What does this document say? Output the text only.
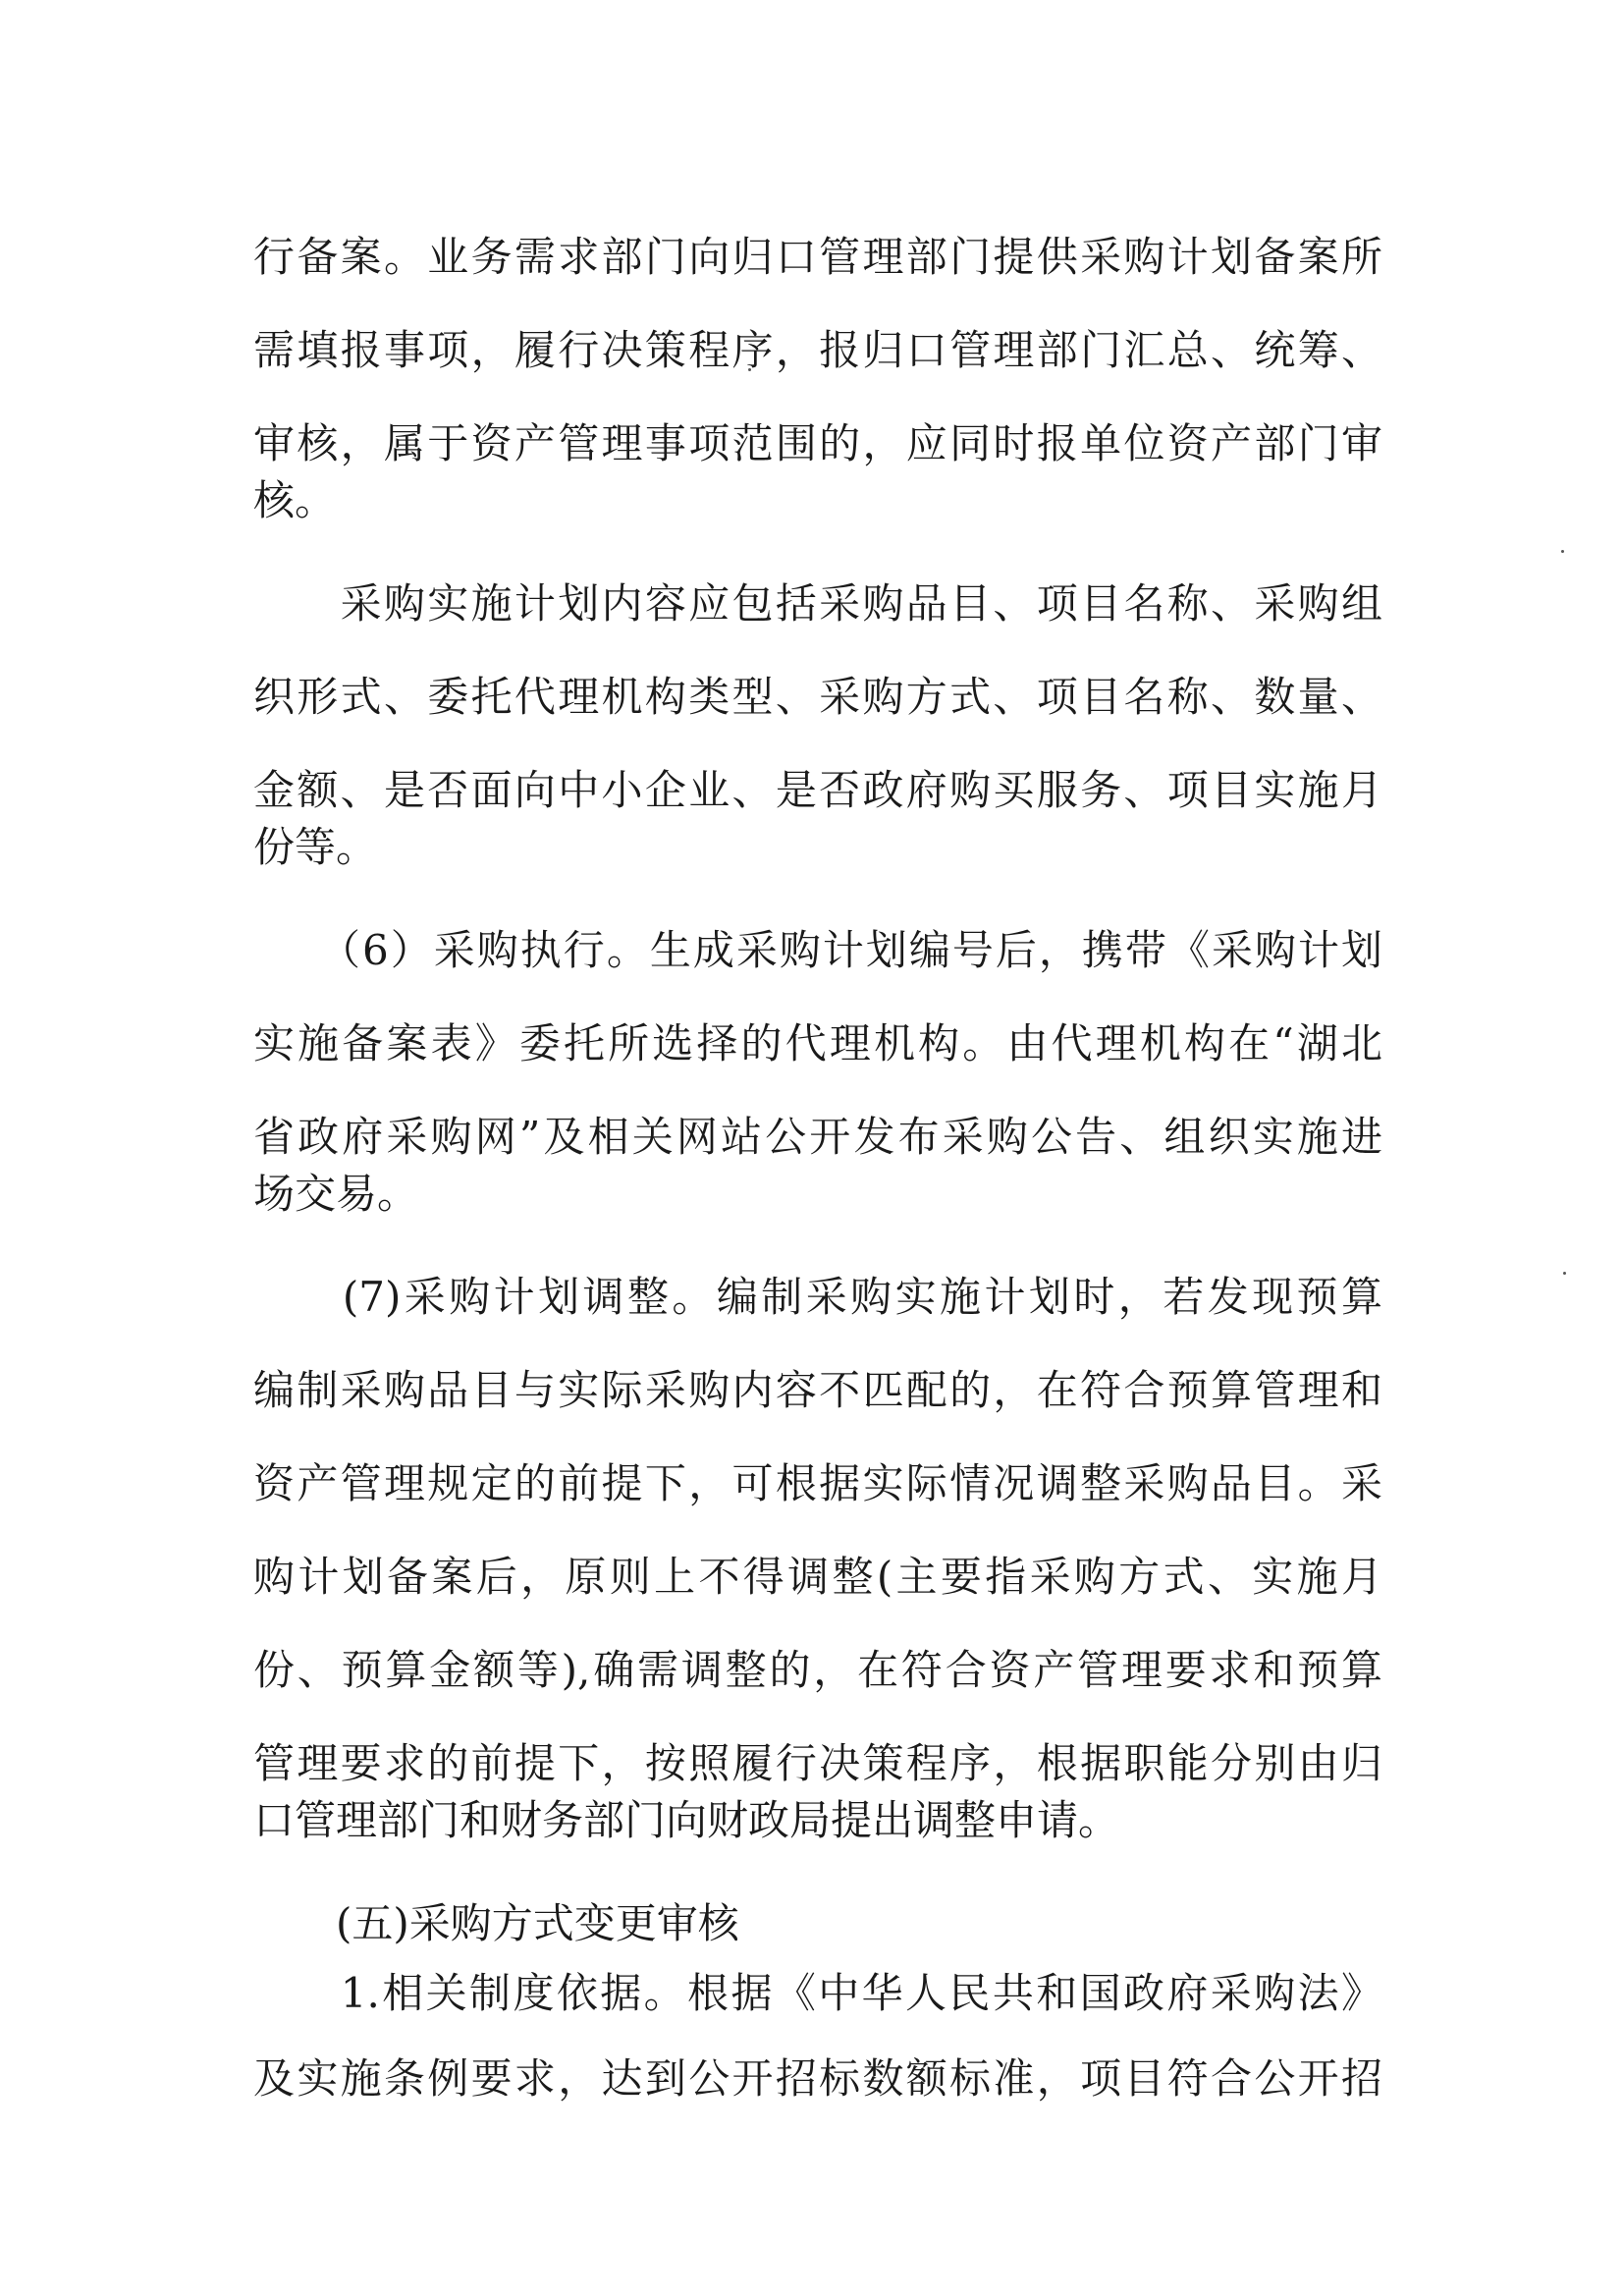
行备案。业务需求部门向归口管理部门提供采购计划备案所
需填报事项，履行决策程序，报归口管理部门汇总、统筹、
审核，属于资产管理事项范围的，应同时报单位资产部门审
核。
　　采购实施计划内容应包括采购品目、项目名称、采购组
织形式、委托代理机构类型、采购方式、项目名称、数量、
金额、是否面向中小企业、是否政府购买服务、项目实施月
份等。
　　（6）采购执行。生成采购计划编号后，携带《采购计划
实施备案表》委托所选择的代理机构。由代理机构在“湖北
省政府采购网”及相关网站公开发布采购公告、组织实施进
场交易。
　　(7)采购计划调整。编制采购实施计划时，若发现预算
编制采购品目与实际采购内容不匹配的，在符合预算管理和
资产管理规定的前提下，可根据实际情况调整采购品目。采
购计划备案后，原则上不得调整(主要指采购方式、实施月
份、预算金额等),确需调整的，在符合资产管理要求和预算
管理要求的前提下，按照履行决策程序，根据职能分别由归
口管理部门和财务部门向财政局提出调整申请。
　　(五)采购方式变更审核
　　1.相关制度依据。根据《中华人民共和国政府采购法》
及实施条例要求，达到公开招标数额标准，项目符合公开招
